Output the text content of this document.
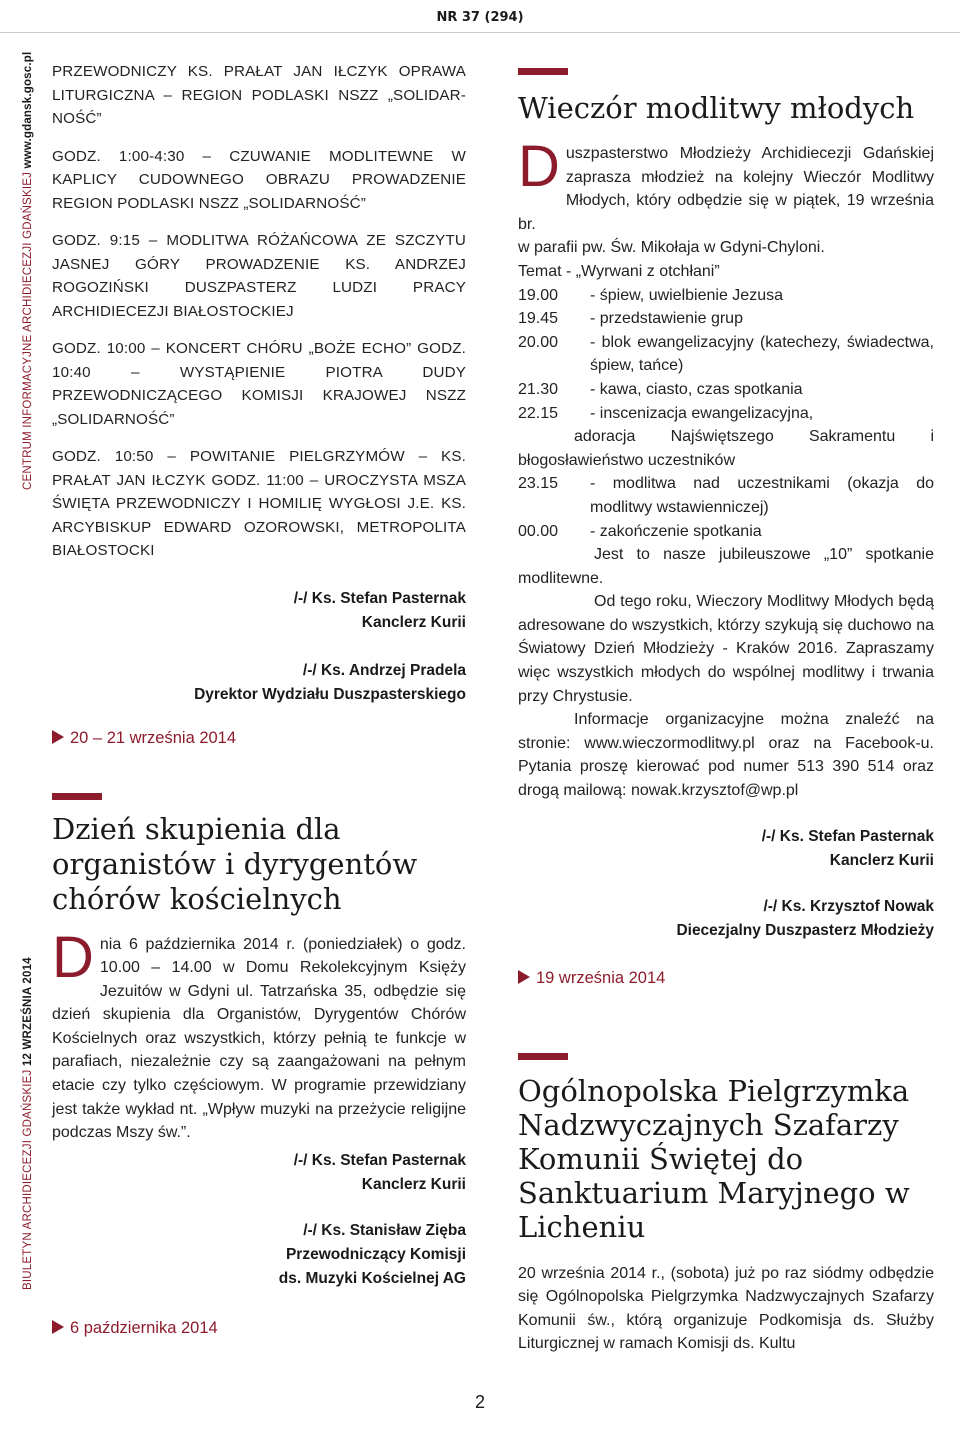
NR 37 (294)
CENTRUM INFORMACYJNE ARCHIDIECEZJI GDAŃSKIEJ www.gdansk.gosc.pl
BIULETYN ARCHIDIECEZJI GDAŃSKIEJ 12 WRZEŚNIA 2014

PRZEWODNICZY KS. PRAŁAT JAN IŁCZYK OPRAWA LITURGICZNA – REGION PODLASKI NSZZ „SOLIDAR-NOŚĆ”

GODZ. 1:00-4:30 – CZUWANIE MODLITEWNE W KAPLICY CUDOWNEGO OBRAZU PROWADZENIE REGION PODLASKI NSZZ „SOLIDARNOŚĆ”

GODZ. 9:15 – MODLITWA RÓŻAŃCOWA ZE SZCZYTU JASNEJ GÓRY PROWADZENIE KS. ANDRZEJ ROGOZIŃSKI DUSZPASTERZ LUDZI PRACY ARCHIDIECEZJI BIAŁOSTOCKIEJ

GODZ. 10:00 – KONCERT CHÓRU „BOŻE ECHO” GODZ. 10:40 – WYSTĄPIENIE PIOTRA DUDY PRZEWODNICZĄCEGO KOMISJI KRAJOWEJ NSZZ „SOLIDARNOŚĆ”

GODZ. 10:50 – POWITANIE PIELGRZYMÓW – KS. PRAŁAT JAN IŁCZYK GODZ. 11:00 – UROCZYSTA MSZA ŚWIĘTA PRZEWODNICZY I HOMILIĘ WYGŁOSI J.E. KS. ARCYBISKUP EDWARD OZOROWSKI, METROPOLITA BIAŁOSTOCKI

/-/ Ks. Stefan Pasternak
Kanclerz Kurii
/-/ Ks. Andrzej Pradela
Dyrektor Wydziału Duszpasterskiego
20 – 21 września 2014
Dzień skupienia dla organistów i dyrygentów chórów kościelnych

Dnia 6 października 2014 r. (poniedziałek) o godz. 10.00 – 14.00 w Domu Rekolekcyjnym Księży Jezuitów w Gdyni ul. Tatrzańska 35, odbędzie się dzień skupienia dla Organistów, Dyrygentów Chórów Kościelnych oraz wszystkich, którzy pełnią te funkcje w parafiach, niezależnie czy są zaangażowani na pełnym etacie czy tylko częściowym. W programie przewidziany jest także wykład nt. „Wpływ muzyki na przeżycie religijne podczas Mszy św.”.

/-/ Ks. Stefan Pasternak
Kanclerz Kurii
/-/ Ks. Stanisław Zięba
Przewodniczący Komisji
ds. Muzyki Kościelnej AG
6 października 2014
Wieczór modlitwy młodych
Duszpasterstwo Młodzieży Archidiecezji Gdańskiej zaprasza młodzież na kolejny Wieczór Modlitwy Młodych, który odbędzie się w piątek, 19 września br.
w parafii pw. Św. Mikołaja w Gdyni-Chyloni.
Temat - „Wyrwani z otchłani”
19.00	- śpiew, uwielbienie Jezusa
19.45	- przedstawienie grup
20.00	- blok ewangelizacyjny (katechezy, świadectwa, śpiew, tańce)
21.30	- kawa, ciasto, czas spotkania
22.15	- inscenizacja ewangelizacyjna,
adoracja Najświętszego Sakramentu i błogosławieństwo uczestników
23.15	- modlitwa nad uczestnikami (okazja do modlitwy wstawienniczej)
00.00	- zakończenie spotkania
Jest to nasze jubileuszowe „10” spotkanie modlitewne.
Od tego roku, Wieczory Modlitwy Młodych będą adresowane do wszystkich, którzy szykują się duchowo na Światowy Dzień Młodzieży - Kraków 2016. Zapraszamy więc wszystkich młodych do wspólnej modlitwy i trwania przy Chrystusie.
Informacje organizacyjne można znaleźć na stronie: www.wieczormodlitwy.pl oraz na Facebook-u. Pytania proszę kierować pod numer 513 390 514 oraz drogą mailową: nowak.krzysztof@wp.pl
/-/ Ks. Stefan Pasternak
Kanclerz Kurii
/-/ Ks. Krzysztof Nowak
Diecezjalny Duszpasterz Młodzieży
19 września 2014
Ogólnopolska Pielgrzymka Nadzwyczajnych Szafarzy Komunii Świętej do Sanktuarium Maryjnego w Licheniu

20 września 2014 r., (sobota) już po raz siódmy odbędzie się Ogólnopolska Pielgrzymka Nadzwyczajnych Szafarzy Komunii św., którą organizuje Podkomisja ds. Służby Liturgicznej w ramach Komisji ds. Kultu

2
